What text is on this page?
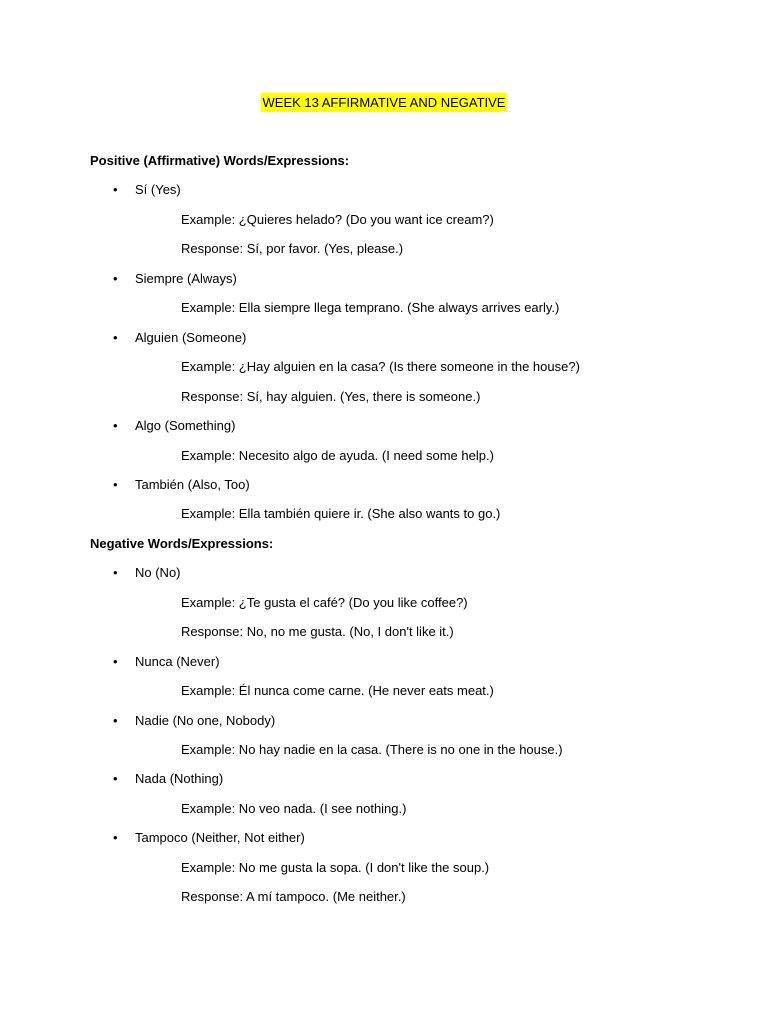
WEEK 13 AFFIRMATIVE AND NEGATIVE
Positive (Affirmative) Words/Expressions:
• Sí (Yes)
Example: ¿Quieres helado? (Do you want ice cream?)
Response: Sí, por favor. (Yes, please.)
• Siempre (Always)
Example: Ella siempre llega temprano. (She always arrives early.)
• Alguien (Someone)
Example: ¿Hay alguien en la casa? (Is there someone in the house?)
Response: Sí, hay alguien. (Yes, there is someone.)
• Algo (Something)
Example: Necesito algo de ayuda. (I need some help.)
• También (Also, Too)
Example: Ella también quiere ir. (She also wants to go.)
Negative Words/Expressions:
• No (No)
Example: ¿Te gusta el café? (Do you like coffee?)
Response: No, no me gusta. (No, I don't like it.)
• Nunca (Never)
Example: Él nunca come carne. (He never eats meat.)
• Nadie (No one, Nobody)
Example: No hay nadie en la casa. (There is no one in the house.)
• Nada (Nothing)
Example: No veo nada. (I see nothing.)
• Tampoco (Neither, Not either)
Example: No me gusta la sopa. (I don't like the soup.)
Response: A mí tampoco. (Me neither.)
